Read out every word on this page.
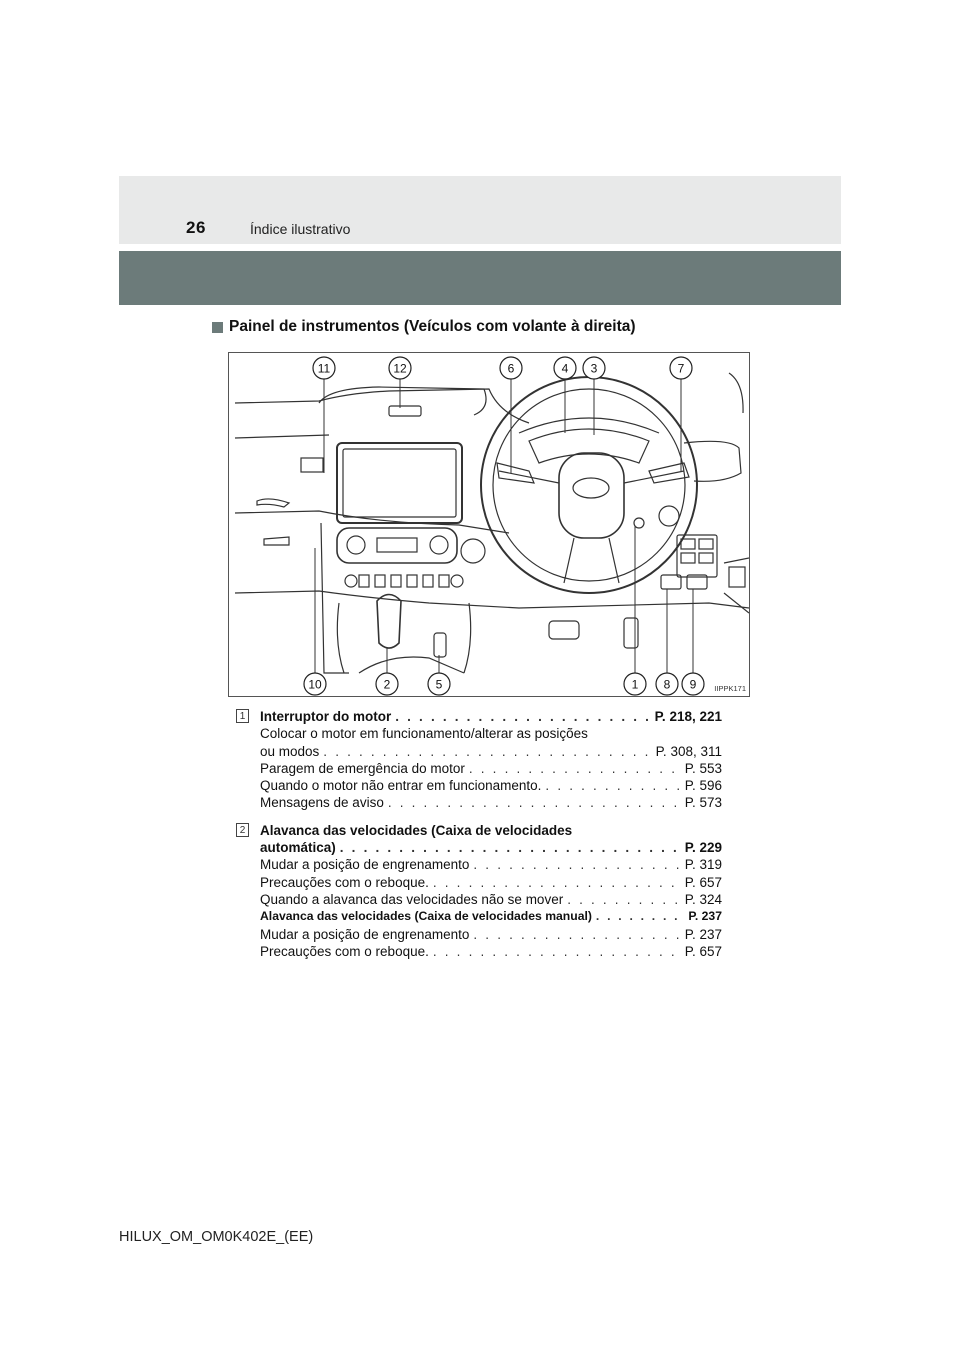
26	Índice ilustrativo
Painel de instrumentos (Veículos com volante à direita)
11	12	6	4 3	7
10	2	5	1 8 9 IIPPK171
1 Interruptor do motor . . .	P. 218, 221
Colocar o motor em funcionamento/alterar as posições
ou modos . . .	P. 308, 311
Paragem de emergência do motor . . .	P. 553
Quando o motor não entrar em funcionamento. . . .	P. 596
Mensagens de aviso . . .	P. 573
2	Alavanca das velocidades (Caixa de velocidades
automática) . . .	P. 229
Mudar a posição de engrenamento . . .	P. 319
Precauções com o reboque. . . .	P. 657
Quando a alavanca das velocidades não se mover . . .	P. 324
Alavanca das velocidades (Caixa de velocidades manual) . . .	P. 237
Mudar a posição de engrenamento . . .	P. 237
Precauções com o reboque. . . .	P. 657
HILUX_OM_OM0K402E_(EE)
